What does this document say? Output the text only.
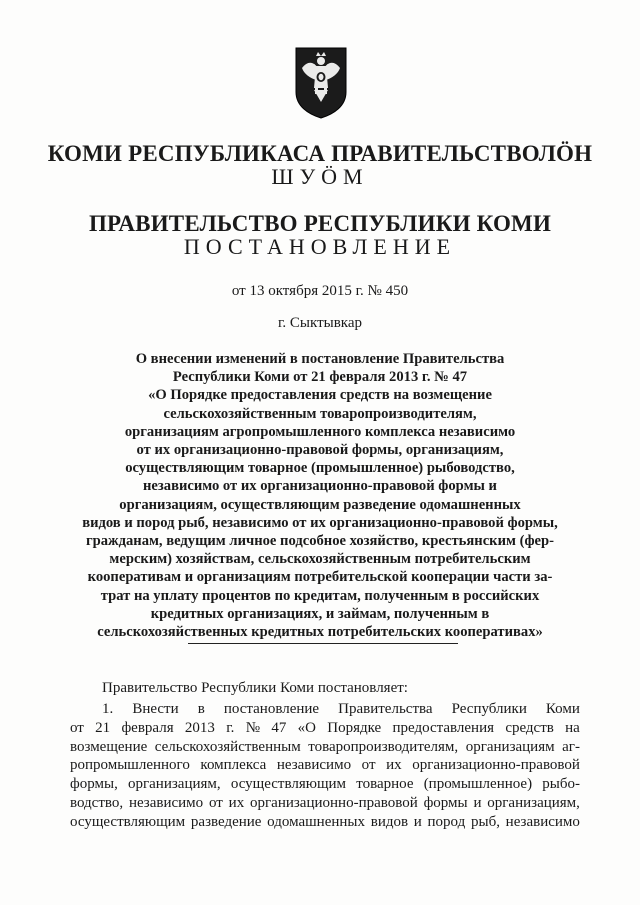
КОМИ РЕСПУБЛИКАСА ПРАВИТЕЛЬСТВОЛӦН
ШУӦМ
ПРАВИТЕЛЬСТВО РЕСПУБЛИКИ КОМИ
ПОСТАНОВЛЕНИЕ
от 13 октября 2015 г. № 450
г. Сыктывкар
О внесении изменений в постановление Правительства
Республики Коми от 21 февраля 2013 г. № 47
«О Порядке предоставления средств на возмещение
сельскохозяйственным товаропроизводителям,
организациям агропромышленного комплекса независимо
от их организационно-правовой формы, организациям,
осуществляющим товарное (промышленное) рыбоводство,
независимо от их организационно-правовой формы и
организациям, осуществляющим разведение одомашненных
видов и пород рыб, независимо от их организационно-правовой формы,
гражданам, ведущим личное подсобное хозяйство, крестьянским (фер-
мерским) хозяйствам, сельскохозяйственным потребительским
кооперативам и организациям потребительской кооперации части за-
трат на уплату процентов по кредитам, полученным в российских
кредитных организациях, и займам, полученным в
сельскохозяйственных кредитных потребительских кооперативах»
Правительство Республики Коми постановляет:
1. Внести в постановление Правительства Республики Коми
от 21 февраля 2013 г. № 47 «О Порядке предоставления средств на
возмещение сельскохозяйственным товаропроизводителям, организациям аг-
ропромышленного комплекса независимо от их организационно-правовой
формы, организациям, осуществляющим товарное (промышленное) рыбо-
водство, независимо от их организационно-правовой формы и организациям,
осуществляющим разведение одомашненных видов и пород рыб, независимо
